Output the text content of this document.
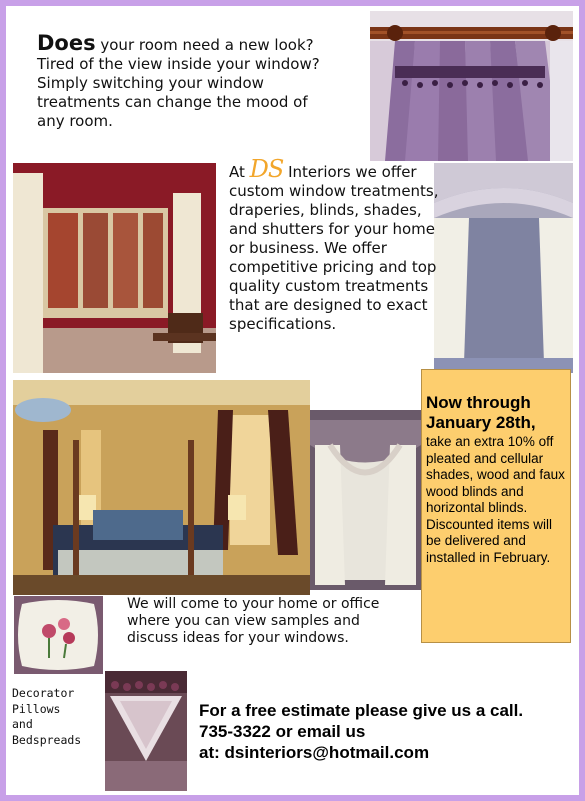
Does your room need a new look? Tired of the view inside your window? Simply switching your window treatments can change the mood of any room.
At DS Interiors we offer custom window treatments, draperies, blinds, shades, and shutters for your home or business. We offer competitive pricing and top quality custom treatments that are designed to exact specifications.
Now through
January 28th,
take an extra 10% off pleated and cellular shades, wood and faux wood blinds and horizontal blinds. Discounted items will be delivered and installed in February.
We will come to your home or office where you can view samples and discuss ideas for your windows.
Decorator
Pillows
and
Bedspreads
For a free estimate please give us a call.
735-3322 or email us
at: dsinteriors@hotmail.com
